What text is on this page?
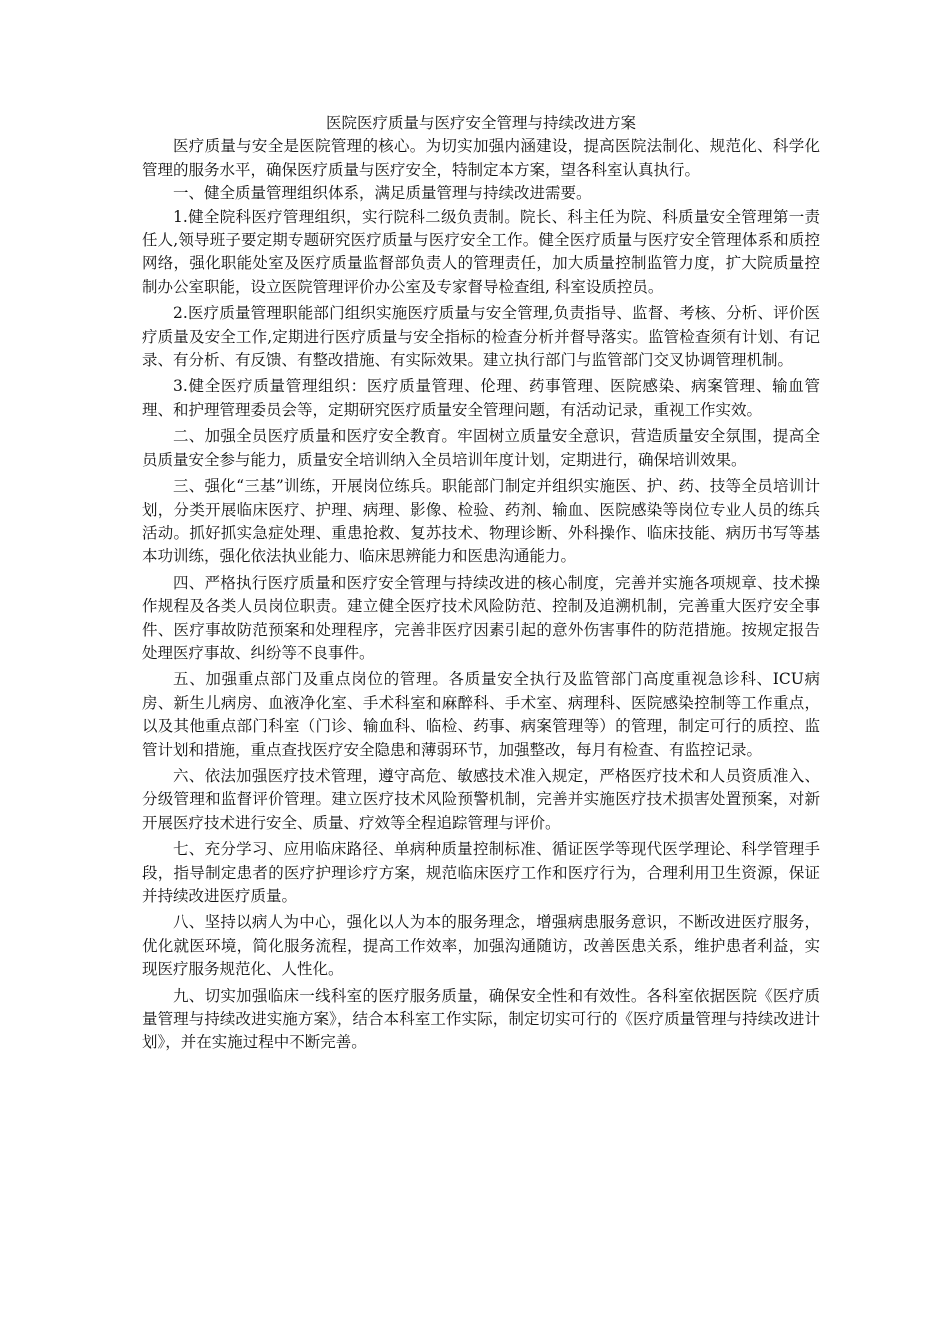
医院医疗质量与医疗安全管理与持续改进方案

医疗质量与安全是医院管理的核心。为切实加强内涵建设，提高医院法制化、规范化、科学化管理的服务水平，确保医疗质量与医疗安全，特制定本方案，望各科室认真执行。

一、健全质量管理组织体系，满足质量管理与持续改进需要。

1.健全院科医疗管理组织，实行院科二级负责制。院长、科主任为院、科质量安全管理第一责任人,领导班子要定期专题研究医疗质量与医疗安全工作。健全医疗质量与医疗安全管理体系和质控网络，强化职能处室及医疗质量监督部负责人的管理责任，加大质量控制监管力度，扩大院质量控制办公室职能，设立医院管理评价办公室及专家督导检查组, 科室设质控员。

2.医疗质量管理职能部门组织实施医疗质量与安全管理,负责指导、监督、考核、分析、评价医疗质量及安全工作,定期进行医疗质量与安全指标的检查分析并督导落实。监管检查须有计划、有记录、有分析、有反馈、有整改措施、有实际效果。建立执行部门与监管部门交叉协调管理机制。

3.健全医疗质量管理组织：医疗质量管理、伦理、药事管理、医院感染、病案管理、输血管理、和护理管理委员会等，定期研究医疗质量安全管理问题，有活动记录，重视工作实效。

二、加强全员医疗质量和医疗安全教育。牢固树立质量安全意识，营造质量安全氛围，提高全员质量安全参与能力，质量安全培训纳入全员培训年度计划，定期进行，确保培训效果。

三、强化“三基”训练，开展岗位练兵。职能部门制定并组织实施医、护、药、技等全员培训计划，分类开展临床医疗、护理、病理、影像、检验、药剂、输血、医院感染等岗位专业人员的练兵活动。抓好抓实急症处理、重患抢救、复苏技术、物理诊断、外科操作、临床技能、病历书写等基本功训练，强化依法执业能力、临床思辨能力和医患沟通能力。

四、严格执行医疗质量和医疗安全管理与持续改进的核心制度，完善并实施各项规章、技术操作规程及各类人员岗位职责。建立健全医疗技术风险防范、控制及追溯机制，完善重大医疗安全事件、医疗事故防范预案和处理程序，完善非医疗因素引起的意外伤害事件的防范措施。按规定报告处理医疗事故、纠纷等不良事件。

五、加强重点部门及重点岗位的管理。各质量安全执行及监管部门高度重视急诊科、ICU病房、新生儿病房、血液净化室、手术科室和麻醉科、手术室、病理科、医院感染控制等工作重点，以及其他重点部门科室（门诊、输血科、临检、药事、病案管理等）的管理，制定可行的质控、监管计划和措施，重点查找医疗安全隐患和薄弱环节，加强整改，每月有检查、有监控记录。

六、依法加强医疗技术管理，遵守高危、敏感技术准入规定，严格医疗技术和人员资质准入、分级管理和监督评价管理。建立医疗技术风险预警机制，完善并实施医疗技术损害处置预案，对新开展医疗技术进行安全、质量、疗效等全程追踪管理与评价。

七、充分学习、应用临床路径、单病种质量控制标准、循证医学等现代医学理论、科学管理手段，指导制定患者的医疗护理诊疗方案，规范临床医疗工作和医疗行为，合理利用卫生资源，保证并持续改进医疗质量。

八、坚持以病人为中心，强化以人为本的服务理念，增强病患服务意识，不断改进医疗服务，优化就医环境，简化服务流程，提高工作效率，加强沟通随访，改善医患关系，维护患者利益，实现医疗服务规范化、人性化。

九、切实加强临床一线科室的医疗服务质量，确保安全性和有效性。各科室依据医院《医疗质量管理与持续改进实施方案》，结合本科室工作实际，制定切实可行的《医疗质量管理与持续改进计划》，并在实施过程中不断完善。
